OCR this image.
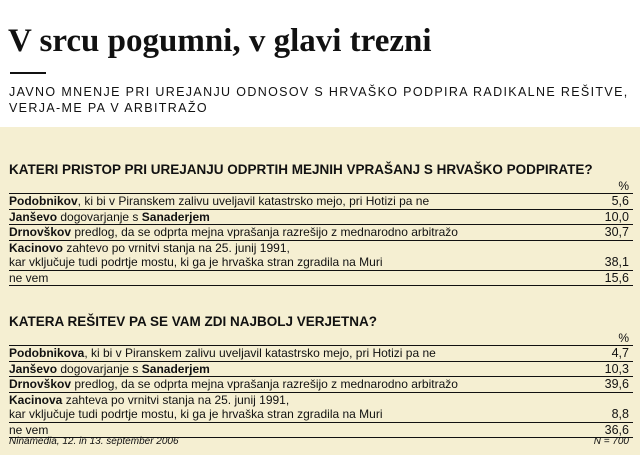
V srcu pogumni, v glavi trezni

JAVNO MNENJE PRI UREJANJU ODNOSOV S HRVAŠKO PODPIRA RADIKALNE REŠITVE, VERJA-ME PA V ARBITRAŽO

KATERI PRISTOP PRI UREJANJU ODPRTIH MEJNIH VPRAŠANJ S HRVAŠKO PODPIRATE?
%
Podobnikov, ki bi v Piranskem zalivu uveljavil katastrsko mejo, pri Hotizi pa ne	5,6
Janševo dogovarjanje s Sanaderjem	10,0
Drnovškov predlog, da se odprta mejna vprašanja razrešijo z mednarodno arbitražo	30,7
Kacinovo zahtevo po vrnitvi stanja na 25. junij 1991,
kar vključuje tudi podrtje mostu, ki ga je hrvaška stran zgradila na Muri	38,1
ne vem	15,6
KATERA REŠITEV PA SE VAM ZDI NAJBOLJ VERJETNA?
%
Podobnikova, ki bi v Piranskem zalivu uveljavil katastrsko mejo, pri Hotizi pa ne	4,7
Janševo dogovarjanje s Sanaderjem	10,3
Drnovškov predlog, da se odprta mejna vprašanja razrešijo z mednarodno arbitražo	39,6
Kacinova zahteva po vrnitvi stanja na 25. junij 1991,
kar vključuje tudi podrtje mostu, ki ga je hrvaška stran zgradila na Muri	8,8
ne vem	36,6
Ninamedia, 12. in 13. september 2006	N = 700
